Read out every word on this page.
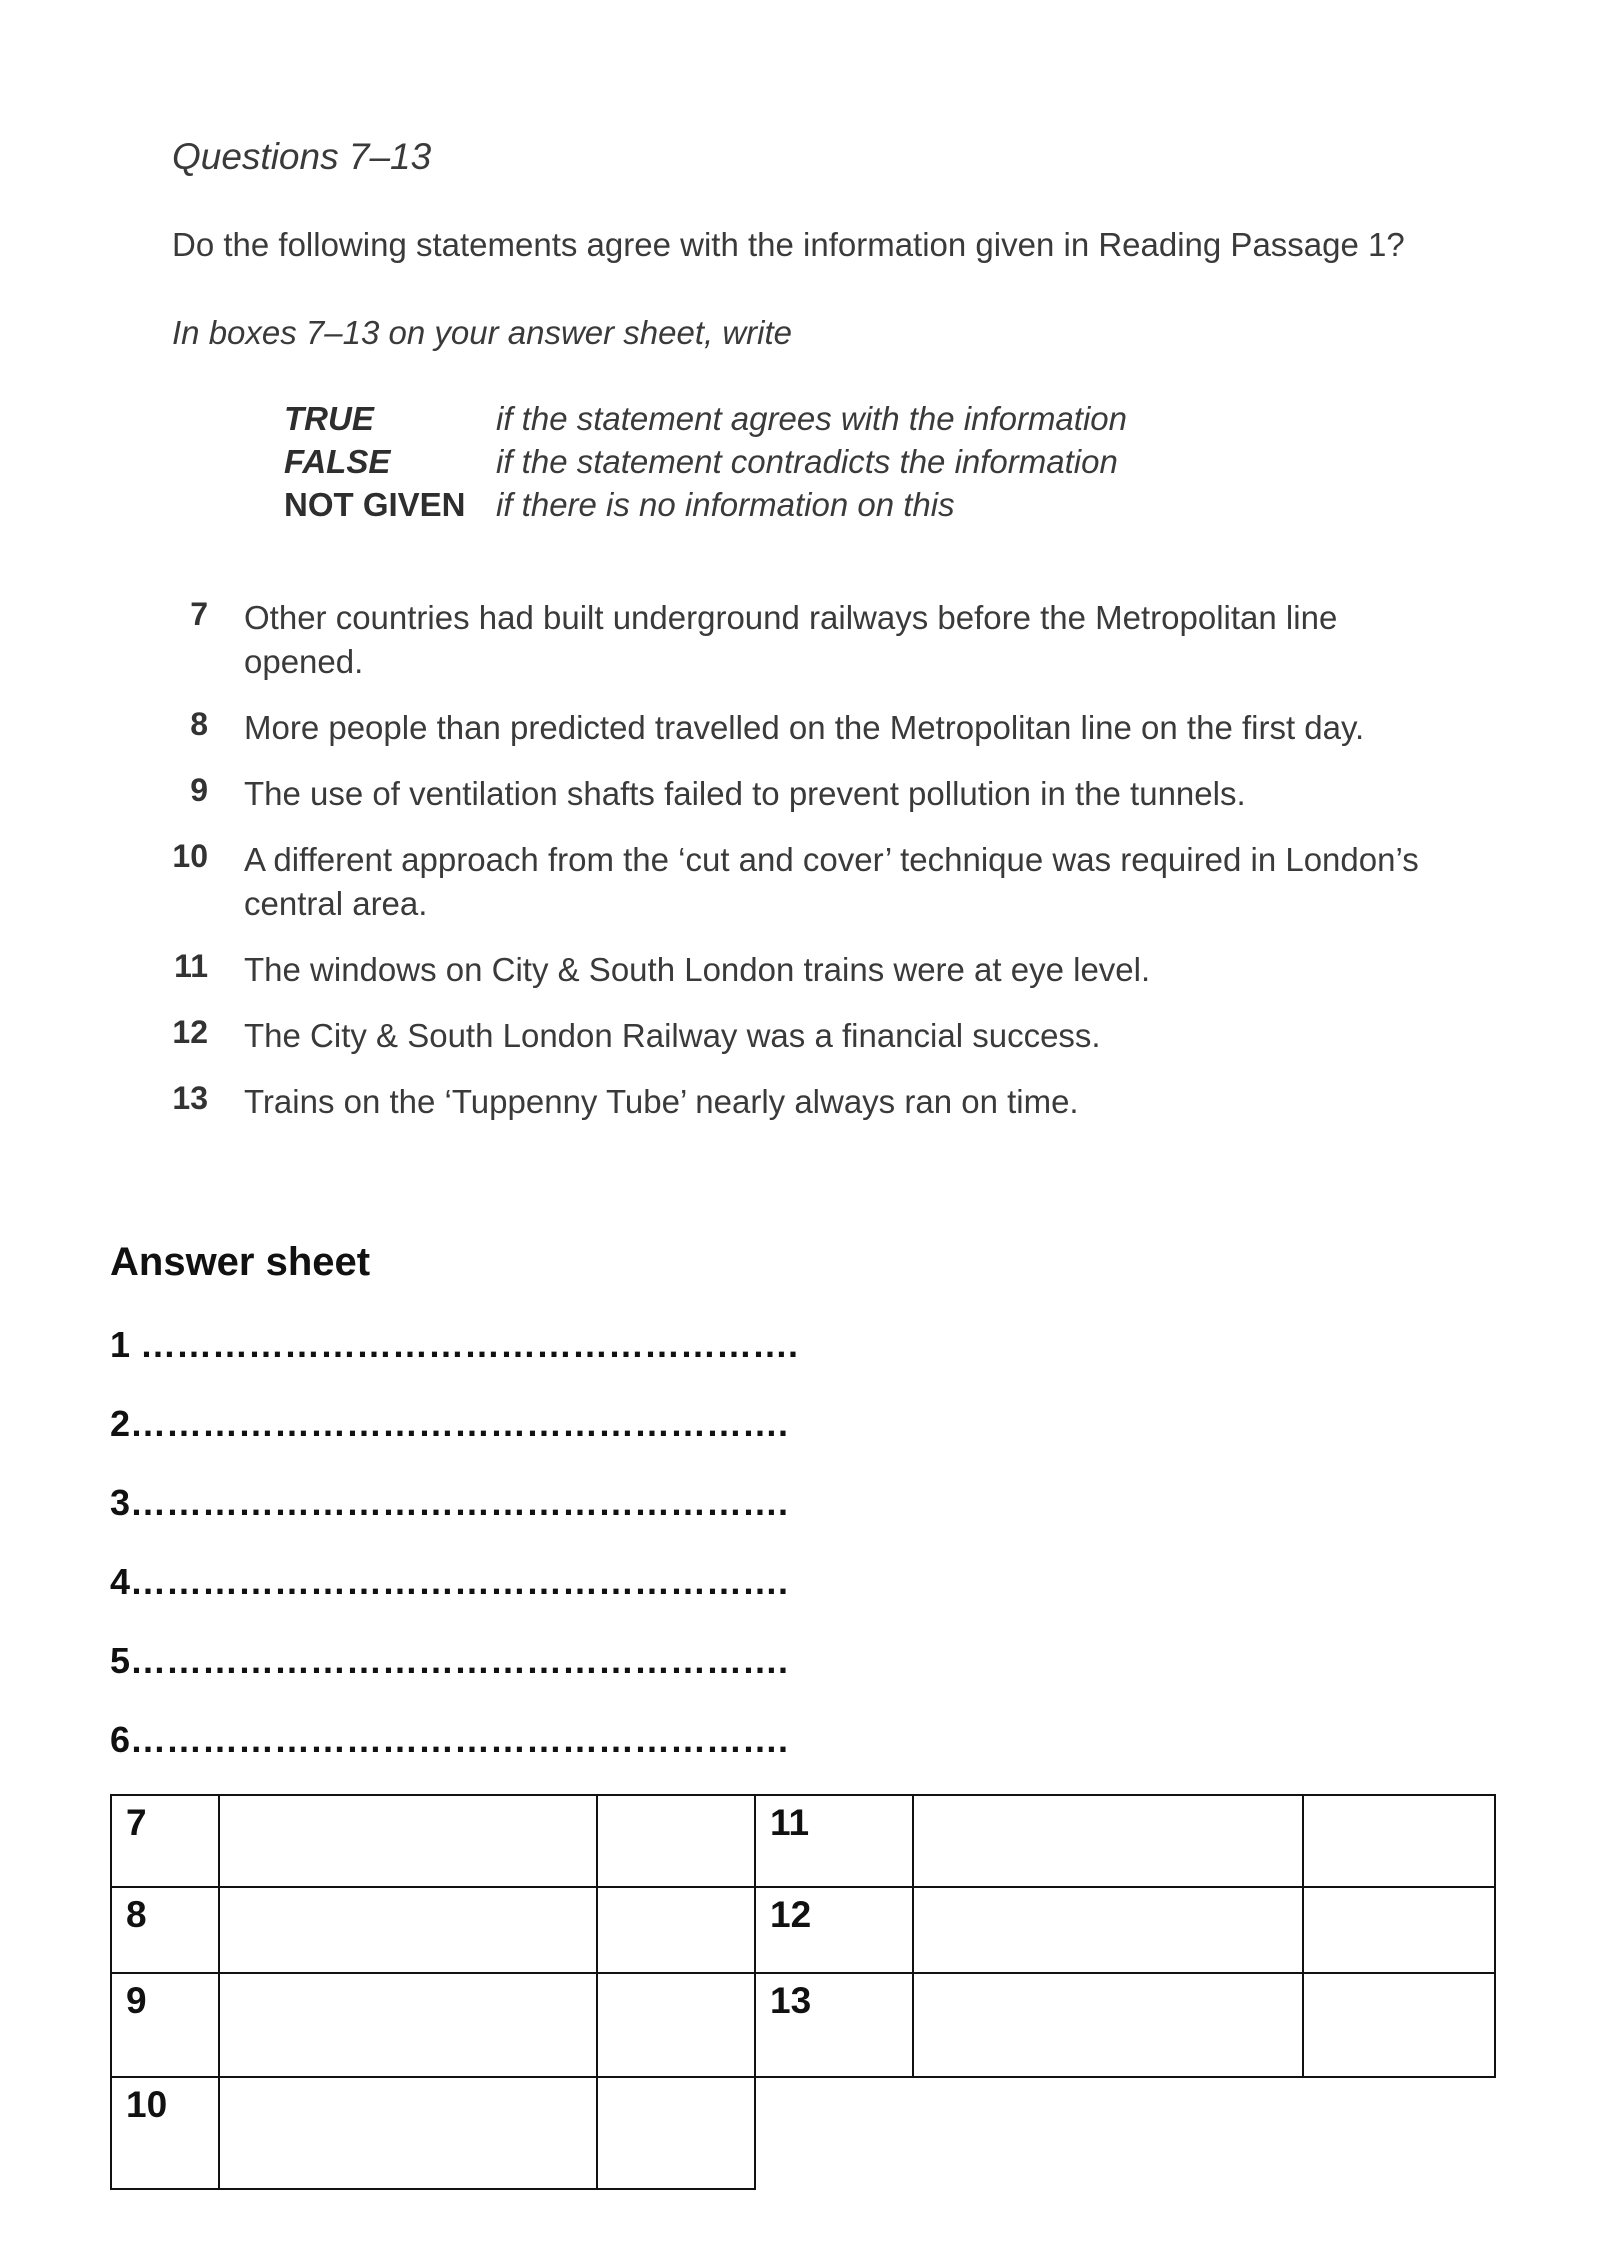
Questions 7–13
Do the following statements agree with the information given in Reading Passage 1?
In boxes 7–13 on your answer sheet, write
TRUE	if the statement agrees with the information
FALSE	if the statement contradicts the information
NOT GIVEN if there is no information on this
7 Other countries had built underground railways before the Metropolitan line opened.
8 More people than predicted travelled on the Metropolitan line on the first day.
9 The use of ventilation shafts failed to prevent pollution in the tunnels.
10 A different approach from the ‘cut and cover’ technique was required in London’s central area.
11 The windows on City & South London trains were at eye level.
12 The City & South London Railway was a financial success.
13 Trains on the ‘Tuppenny Tube’ nearly always ran on time.
Answer sheet
1 ……………………………………………….
2……………………………………………….
3……………………………………………….
4……………………………………………….
5……………………………………………….
6……………………………………………….
7
8
9
10
11
12
13
